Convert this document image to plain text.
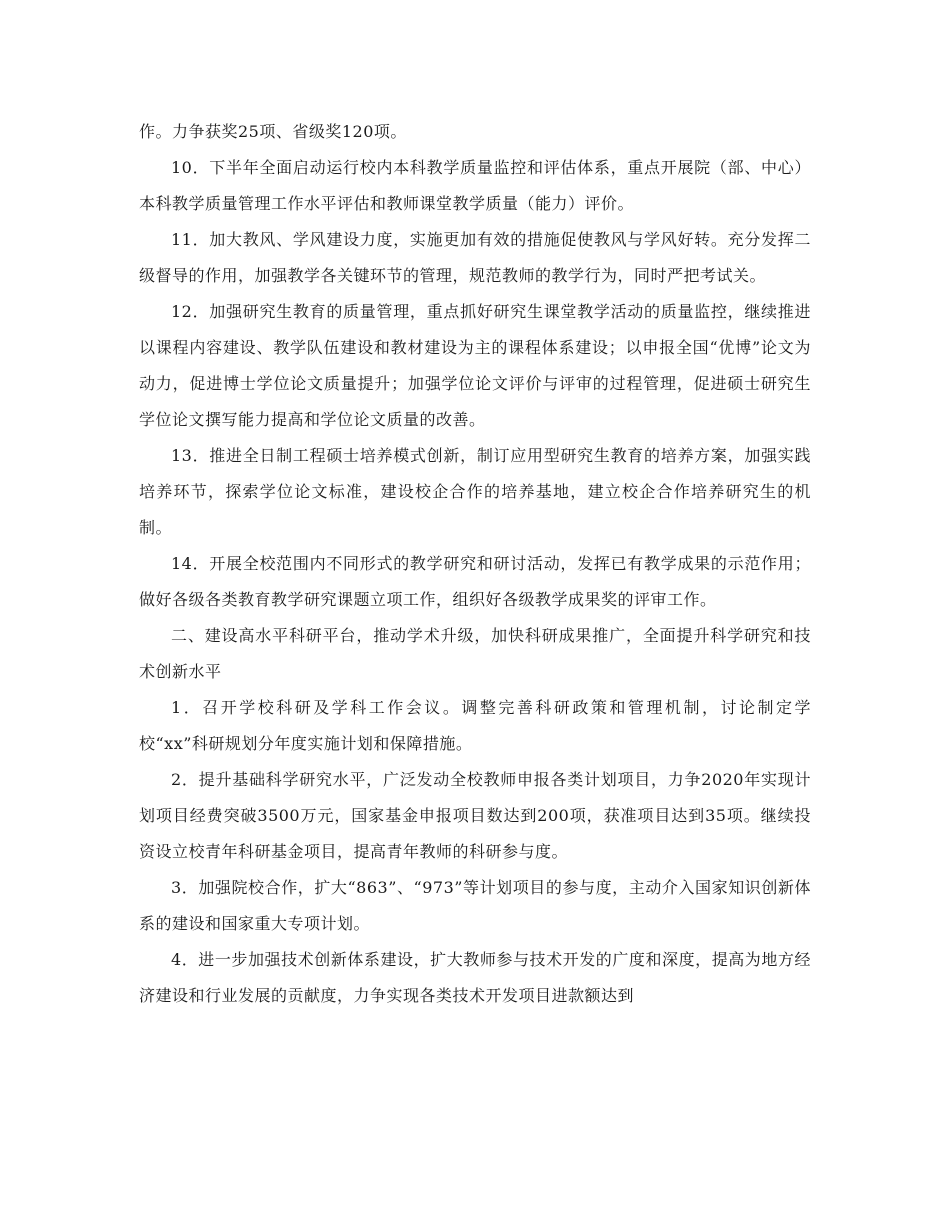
作。力争获奖25项、省级奖120项。

10．下半年全面启动运行校内本科教学质量监控和评估体系，重点开展院（部、中心）本科教学质量管理工作水平评估和教师课堂教学质量（能力）评价。

11．加大教风、学风建设力度，实施更加有效的措施促使教风与学风好转。充分发挥二级督导的作用，加强教学各关键环节的管理，规范教师的教学行为，同时严把考试关。

12．加强研究生教育的质量管理，重点抓好研究生课堂教学活动的质量监控，继续推进以课程内容建设、教学队伍建设和教材建设为主的课程体系建设；以申报全国“优博”论文为动力，促进博士学位论文质量提升；加强学位论文评价与评审的过程管理，促进硕士研究生学位论文撰写能力提高和学位论文质量的改善。

13．推进全日制工程硕士培养模式创新，制订应用型研究生教育的培养方案，加强实践培养环节，探索学位论文标准，建设校企合作的培养基地，建立校企合作培养研究生的机制。

14．开展全校范围内不同形式的教学研究和研讨活动，发挥已有教学成果的示范作用；做好各级各类教育教学研究课题立项工作，组织好各级教学成果奖的评审工作。

二、建设高水平科研平台，推动学术升级，加快科研成果推广，全面提升科学研究和技术创新水平

1．召开学校科研及学科工作会议。调整完善科研政策和管理机制，讨论制定学校“xx”科研规划分年度实施计划和保障措施。

2．提升基础科学研究水平，广泛发动全校教师申报各类计划项目，力争2020年实现计划项目经费突破3500万元，国家基金申报项目数达到200项，获准项目达到35项。继续投资设立校青年科研基金项目，提高青年教师的科研参与度。

3．加强院校合作，扩大“863”、“973”等计划项目的参与度，主动介入国家知识创新体系的建设和国家重大专项计划。

4．进一步加强技术创新体系建设，扩大教师参与技术开发的广度和深度，提高为地方经济建设和行业发展的贡献度，力争实现各类技术开发项目进款额达到
